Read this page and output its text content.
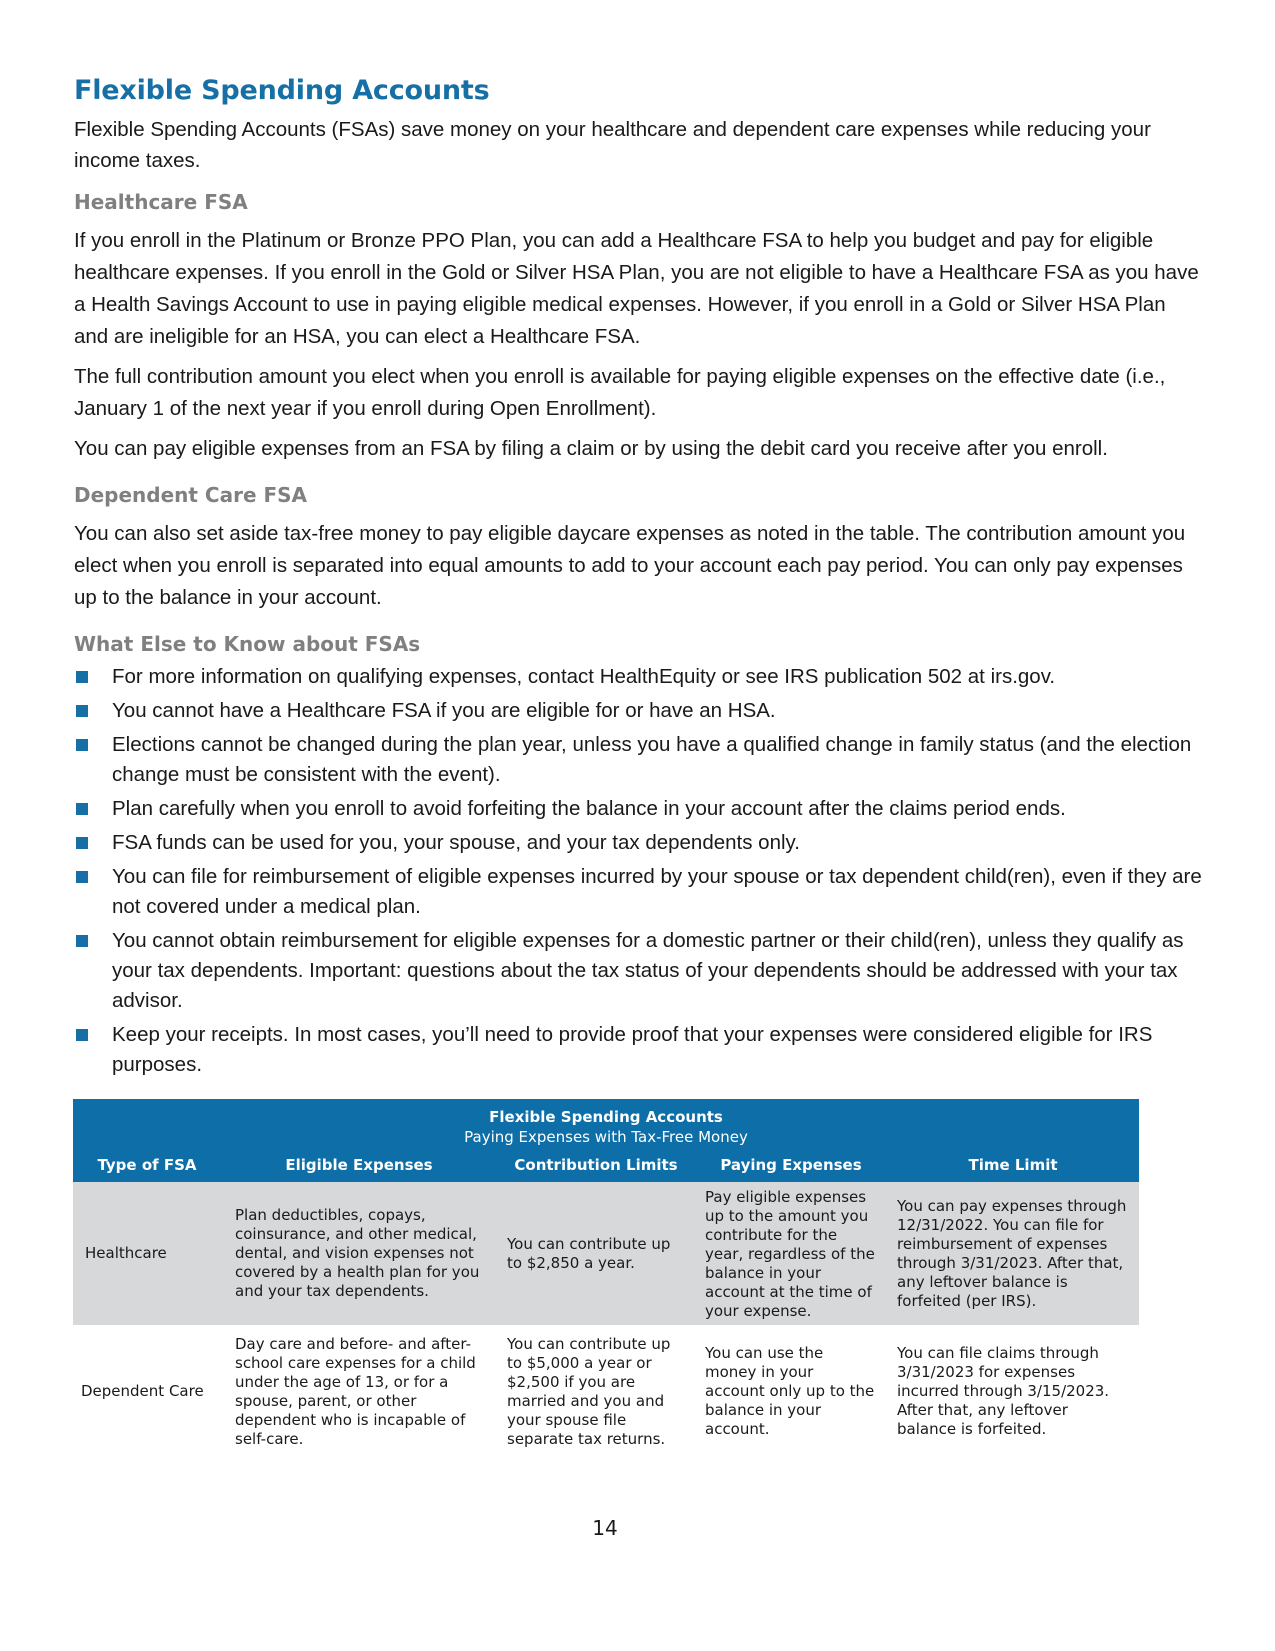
Flexible Spending Accounts

Flexible Spending Accounts (FSAs) save money on your healthcare and dependent care expenses while reducing your income taxes.

Healthcare FSA

If you enroll in the Platinum or Bronze PPO Plan, you can add a Healthcare FSA to help you budget and pay for eligible healthcare expenses. If you enroll in the Gold or Silver HSA Plan, you are not eligible to have a Healthcare FSA as you have a Health Savings Account to use in paying eligible medical expenses. However, if you enroll in a Gold or Silver HSA Plan and are ineligible for an HSA, you can elect a Healthcare FSA.

The full contribution amount you elect when you enroll is available for paying eligible expenses on the effective date (i.e., January 1 of the next year if you enroll during Open Enrollment).

You can pay eligible expenses from an FSA by filing a claim or by using the debit card you receive after you enroll.

Dependent Care FSA

You can also set aside tax-free money to pay eligible daycare expenses as noted in the table. The contribution amount you elect when you enroll is separated into equal amounts to add to your account each pay period. You can only pay expenses up to the balance in your account.

What Else to Know about FSAs
For more information on qualifying expenses, contact HealthEquity or see IRS publication 502 at irs.gov.
You cannot have a Healthcare FSA if you are eligible for or have an HSA.
Elections cannot be changed during the plan year, unless you have a qualified change in family status (and the election change must be consistent with the event).
Plan carefully when you enroll to avoid forfeiting the balance in your account after the claims period ends.
FSA funds can be used for you, your spouse, and your tax dependents only.
You can file for reimbursement of eligible expenses incurred by your spouse or tax dependent child(ren), even if they are not covered under a medical plan.
You cannot obtain reimbursement for eligible expenses for a domestic partner or their child(ren), unless they qualify as your tax dependents. Important: questions about the tax status of your dependents should be addressed with your tax advisor.
Keep your receipts. In most cases, you’ll need to provide proof that your expenses were considered eligible for IRS purposes.
Flexible Spending Accounts
Paying Expenses with Tax-Free Money				

Type of FSA	Eligible Expenses	Contribution Limits	Paying Expenses	Time Limit
Healthcare	Plan deductibles, copays, coinsurance, and other medical, dental, and vision expenses not covered by a health plan for you and your tax dependents.	You can contribute up to $2,850 a year.	Pay eligible expenses up to the amount you contribute for the year, regardless of the balance in your account at the time of your expense.	You can pay expenses through 12/31/2022. You can file for reimbursement of expenses through 3/31/2023. After that, any leftover balance is forfeited (per IRS).
Dependent Care	Day care and before- and after-school care expenses for a child under the age of 13, or for a spouse, parent, or other dependent who is incapable of self-care.	You can contribute up to $5,000 a year or $2,500 if you are married and you and your spouse file separate tax returns.	You can use the money in your account only up to the balance in your account.	You can file claims through 3/31/2023 for expenses incurred through 3/15/2023. After that, any leftover balance is forfeited.
14
